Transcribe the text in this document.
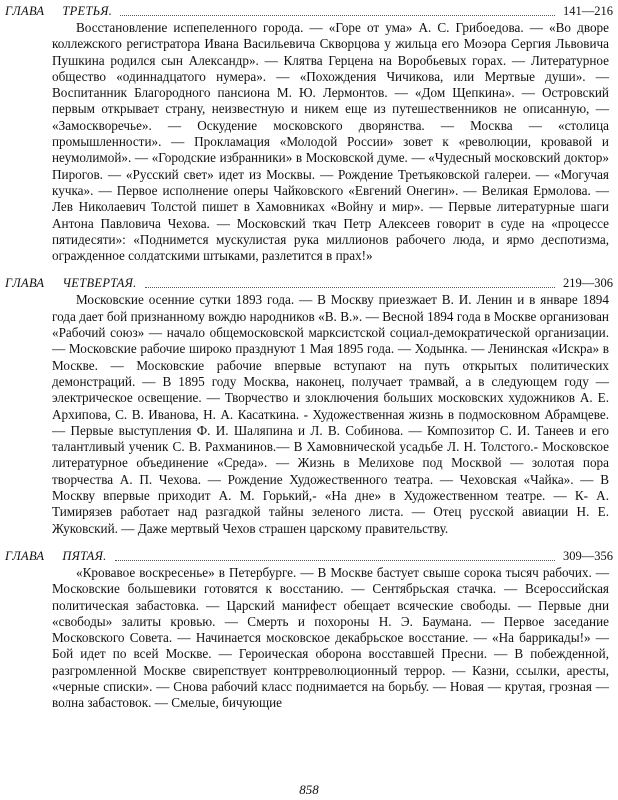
ГЛАВА ТРЕТЬЯ.	141—216

Восстановление испепеленного города. — «Горе от ума» А. С. Грибоедова. — «Во дворе коллежского регистратора Ивана Васильевича Скворцова у жильца его Моэора Сергия Львовича Пушкина родился сын Александр». — Клятва Герцена на Воробьевых горах. — Литературное общество «одиннадцатого нумера». — «Похождения Чичикова, или Мертвые души». — Воспитанник Благородного пансиона М. Ю. Лермонтов. — «Дом Щепкина». — Островский первым открывает страну, неизвестную и никем еще из путешественников не описанную, — «Замоскворечье». — Оскудение московского дворянства. — Москва — «столица промышленности». — Прокламация «Молодой России» зовет к «революции, кровавой и неумолимой». — «Городские избранники» в Московской думе. — «Чудесный московский доктор» Пирогов. — «Русский свет» идет из Москвы. — Рождение Третьяковской галереи. — «Могучая кучка». — Первое исполнение оперы Чайковского «Евгений Онегин». — Великая Ермолова. — Лев Николаевич Толстой пишет в Хамовниках «Войну и мир». — Первые литературные шаги Антона Павловича Чехова. — Московский ткач Петр Алексеев говорит в суде на «процессе пятидесяти»: «Поднимется мускулистая рука миллионов рабочего люда, и ярмо деспотизма, огражденное солдатскими штыками, разлетится в прах!»

ГЛАВА ЧЕТВЕРТАЯ.	219—306

Московские осенние сутки 1893 года. — В Москву приезжает В. И. Ленин и в январе 1894 года дает бой признанному вождю народников «В. В.». — Весной 1894 года в Москве организован «Рабочий союз» — начало общемосковской марксистской социал-демократической организации. — Московские рабочие широко празднуют 1 Мая 1895 года. — Ходынка. — Ленинская «Искра» в Москве. — Московские рабочие впервые вступают на путь открытых политических демонстраций. — В 1895 году Москва, наконец, получает трамвай, а в следующем году — электрическое освещение. — Творчество и злоключения больших московских художников А. Е. Архипова, С. В. Иванова, Н. А. Касаткина. - Художественная жизнь в подмосковном Абрамцеве. — Первые выступления Ф. И. Шаляпина и Л. В. Собинова. — Композитор С. И. Танеев и его талантливый ученик С. В. Рахманинов.— В Хамовнической усадьбе Л. Н. Толстого.- Московское литературное объединение «Среда». — Жизнь в Мелихове под Москвой — золотая пора творчества А. П. Чехова. — Рождение Художественного театра. — Чеховская «Чайка». — В Москву впервые приходит А. М. Горький,- «На дне» в Художественном театре. — К- А. Тимирязев работает над разгадкой тайны зеленого листа. — Отец русской авиации Н. Е. Жуковский. — Даже мертвый Чехов страшен царскому правительству.

ГЛАВА ПЯТАЯ.	309—356

«Кровавое воскресенье» в Петербурге. — В Москве бастует свыше сорока тысяч рабочих. — Московские большевики готовятся к восстанию. — Сентябрьская стачка. — Всероссийская политическая забастовка. — Царский манифест обещает всяческие свободы. — Первые дни «свободы» залиты кровью. — Смерть и похороны Н. Э. Баумана. — Первое заседание Московского Совета. — Начинается московское декабрьское восстание. — «На баррикады!» — Бой идет по всей Москве. — Героическая оборона восставшей Пресни. — В побежденной, разгромленной Москве свирепствует контрреволюционный террор. — Казни, ссылки, аресты, «черные списки». — Снова рабочий класс поднимается на борьбу. — Новая — крутая, грозная — волна забастовок. — Смелые, бичующие

858
